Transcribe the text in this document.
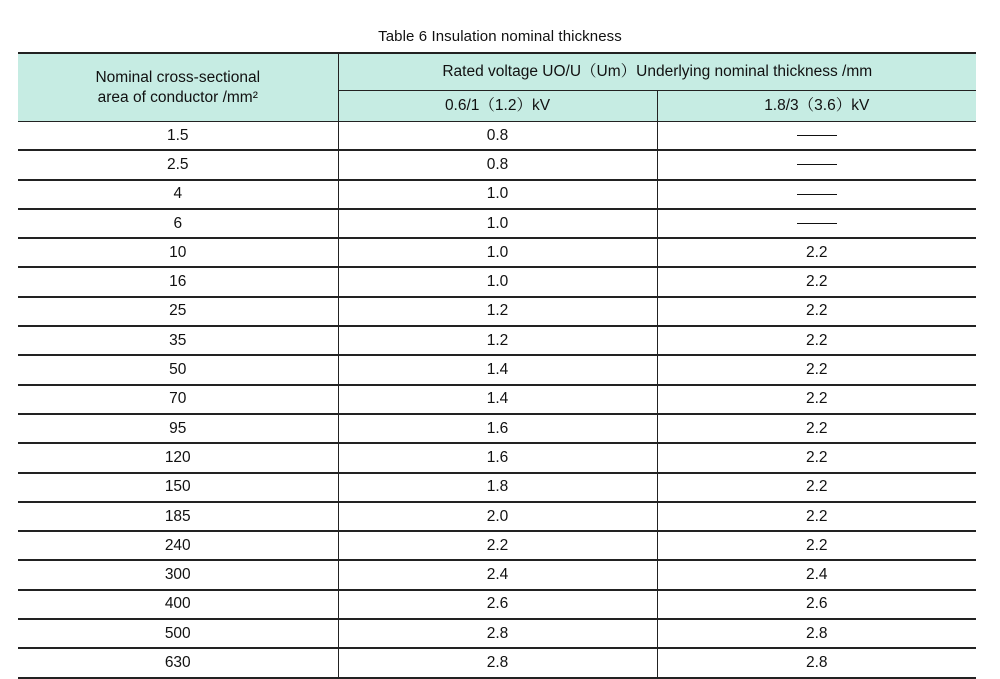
Table 6 Insulation nominal thickness
Nominal cross-sectional
area of conductor /mm²	Rated voltage UO/U（Um）Underlying nominal thickness /mm	
	0.6/1（1.2）kV	1.8/3（3.6）kV
1.5	0.8	
2.5	0.8	
4	1.0	
6	1.0	
10	1.0	2.2
16	1.0	2.2
25	1.2	2.2
35	1.2	2.2
50	1.4	2.2
70	1.4	2.2
95	1.6	2.2
120	1.6	2.2
150	1.8	2.2
185	2.0	2.2
240	2.2	2.2
300	2.4	2.4
400	2.6	2.6
500	2.8	2.8
630	2.8	2.8
